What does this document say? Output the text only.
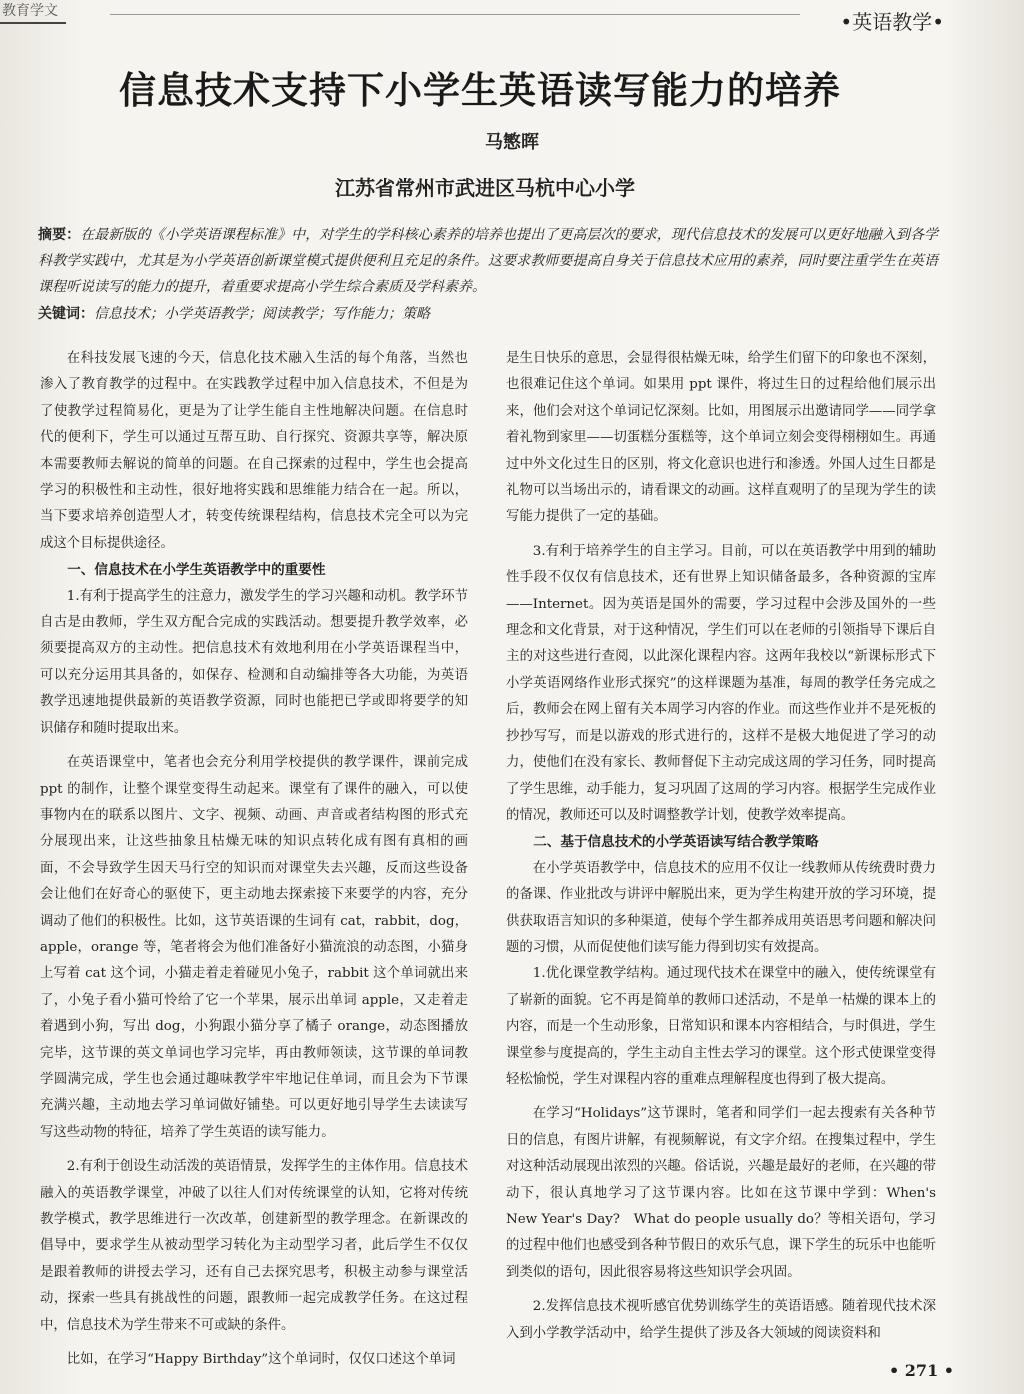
教育学文	•英语教学•
信息技术支持下小学生英语读写能力的培养
马慜晖
江苏省常州市武进区马杭中心小学
摘要：在最新版的《小学英语课程标准》中，对学生的学科核心素养的培养也提出了更高层次的要求，现代信息技术的发展可以更好地融入到各学科教学实践中，尤其是为小学英语创新课堂模式提供便利且充足的条件。这要求教师要提高自身关于信息技术应用的素养，同时要注重学生在英语课程听说读写的能力的提升，着重要求提高小学生综合素质及学科素养。
关键词：信息技术；小学英语教学；阅读教学；写作能力；策略

在科技发展飞速的今天，信息化技术融入生活的每个角落，当然也渗入了教育教学的过程中。在实践教学过程中加入信息技术，不但是为了使教学过程简易化，更是为了让学生能自主性地解决问题。在信息时代的便利下，学生可以通过互帮互助、自行探究、资源共享等，解决原本需要教师去解说的简单的问题。在自己探索的过程中，学生也会提高学习的积极性和主动性，很好地将实践和思维能力结合在一起。所以，当下要求培养创造型人才，转变传统课程结构，信息技术完全可以为完成这个目标提供途径。

一、信息技术在小学生英语教学中的重要性

1.有利于提高学生的注意力，激发学生的学习兴趣和动机。教学环节自古是由教师，学生双方配合完成的实践活动。想要提升教学效率，必须要提高双方的主动性。把信息技术有效地利用在小学英语课程当中，可以充分运用其具备的，如保存、检测和自动编排等各大功能，为英语教学迅速地提供最新的英语教学资源，同时也能把已学或即将要学的知识储存和随时提取出来。

在英语课堂中，笔者也会充分利用学校提供的教学课件，课前完成 ppt 的制作，让整个课堂变得生动起来。课堂有了课件的融入，可以使事物内在的联系以图片、文字、视频、动画、声音或者结构图的形式充分展现出来，让这些抽象且枯燥无味的知识点转化成有图有真相的画面，不会导致学生因天马行空的知识而对课堂失去兴趣，反而这些设备会让他们在好奇心的驱使下，更主动地去探索接下来要学的内容，充分调动了他们的积极性。比如，这节英语课的生词有 cat，rabbit，dog，apple，orange 等，笔者将会为他们准备好小猫流浪的动态图，小猫身上写着 cat 这个词，小猫走着走着碰见小兔子，rabbit 这个单词就出来了，小兔子看小猫可怜给了它一个苹果，展示出单词 apple，又走着走着遇到小狗，写出 dog，小狗跟小猫分享了橘子 orange，动态图播放完毕，这节课的英文单词也学习完毕，再由教师领读，这节课的单词教学圆满完成，学生也会通过趣味教学牢牢地记住单词，而且会为下节课充满兴趣，主动地去学习单词做好铺垫。可以更好地引导学生去读读写写这些动物的特征，培养了学生英语的读写能力。

2.有利于创设生动活泼的英语情景，发挥学生的主体作用。信息技术融入的英语教学课堂，冲破了以往人们对传统课堂的认知，它将对传统教学模式，教学思维进行一次改革，创建新型的教学理念。在新课改的倡导中，要求学生从被动型学习转化为主动型学习者，此后学生不仅仅是跟着教师的讲授去学习，还有自己去探究思考，积极主动参与课堂活动，探索一些具有挑战性的问题，跟教师一起完成教学任务。在这过程中，信息技术为学生带来不可或缺的条件。

比如，在学习“Happy Birthday”这个单词时，仅仅口述这个单词

是生日快乐的意思，会显得很枯燥无味，给学生们留下的印象也不深刻，也很难记住这个单词。如果用 ppt 课件，将过生日的过程给他们展示出来，他们会对这个单词记忆深刻。比如，用图展示出邀请同学——同学拿着礼物到家里——切蛋糕分蛋糕等，这个单词立刻会变得栩栩如生。再通过中外文化过生日的区别，将文化意识也进行和渗透。外国人过生日都是礼物可以当场出示的，请看课文的动画。这样直观明了的呈现为学生的读写能力提供了一定的基础。

3.有利于培养学生的自主学习。目前，可以在英语教学中用到的辅助性手段不仅仅有信息技术，还有世界上知识储备最多，各种资源的宝库——Internet。因为英语是国外的需要，学习过程中会涉及国外的一些理念和文化背景，对于这种情况，学生们可以在老师的引领指导下课后自主的对这些进行查阅，以此深化课程内容。这两年我校以“新课标形式下小学英语网络作业形式探究”的这样课题为基准，每周的教学任务完成之后，教师会在网上留有关本周学习内容的作业。而这些作业并不是死板的抄抄写写，而是以游戏的形式进行的，这样不是极大地促进了学习的动力，使他们在没有家长、教师督促下主动完成这周的学习任务，同时提高了学生思维，动手能力，复习巩固了这周的学习内容。根据学生完成作业的情况，教师还可以及时调整教学计划，使教学效率提高。

二、基于信息技术的小学英语读写结合教学策略

在小学英语教学中，信息技术的应用不仅让一线教师从传统费时费力的备课、作业批改与讲评中解脱出来，更为学生构建开放的学习环境，提供获取语言知识的多种渠道，使每个学生都养成用英语思考问题和解决问题的习惯，从而促使他们读写能力得到切实有效提高。

1.优化课堂教学结构。通过现代技术在课堂中的融入，使传统课堂有了崭新的面貌。它不再是简单的教师口述活动，不是单一枯燥的课本上的内容，而是一个生动形象，日常知识和课本内容相结合，与时俱进，学生课堂参与度提高的，学生主动自主性去学习的课堂。这个形式使课堂变得轻松愉悦，学生对课程内容的重难点理解程度也得到了极大提高。

在学习“Holidays”这节课时，笔者和同学们一起去搜索有关各种节日的信息，有图片讲解，有视频解说，有文字介绍。在搜集过程中，学生对这种活动展现出浓烈的兴趣。俗话说，兴趣是最好的老师，在兴趣的带动下，很认真地学习了这节课内容。比如在这节课中学到：When's New Year's Day?　What do people usually do？等相关语句，学习的过程中他们也感受到各种节假日的欢乐气息，课下学生的玩乐中也能听到类似的语句，因此很容易将这些知识学会巩固。

2.发挥信息技术视听感官优势训练学生的英语语感。随着现代技术深入到小学教学活动中，给学生提供了涉及各大领域的阅读资料和

• 271 •
